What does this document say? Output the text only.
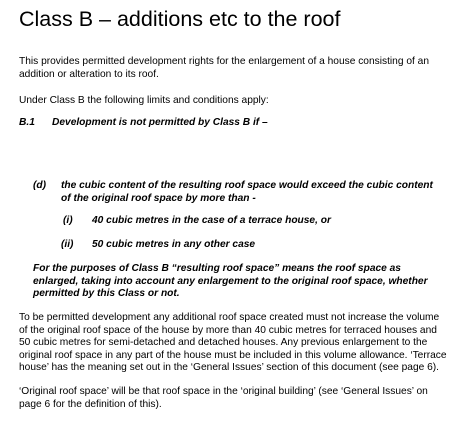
Class B – additions etc to the roof

This provides permitted development rights for the enlargement of a house consisting of an addition or alteration to its roof.

Under Class B the following limits and conditions apply:

B.1 Development is not permitted by Class B if –
(d) the cubic content of the resulting roof space would exceed the cubic content of the original roof space by more than -

(i) 40 cubic metres in the case of a terrace house, or
(ii) 50 cubic metres in any other case

For the purposes of Class B “resulting roof space” means the roof space as enlarged, taking into account any enlargement to the original roof space, whether permitted by this Class or not.

To be permitted development any additional roof space created must not increase the volume of the original roof space of the house by more than 40 cubic metres for terraced houses and 50 cubic metres for semi-detached and detached houses. Any previous enlargement to the original roof space in any part of the house must be included in this volume allowance. ‘Terrace house’ has the meaning set out in the ‘General Issues’ section of this document (see page 6).

‘Original roof space’ will be that roof space in the ‘original building’ (see ‘General Issues’ on page 6 for the definition of this).
